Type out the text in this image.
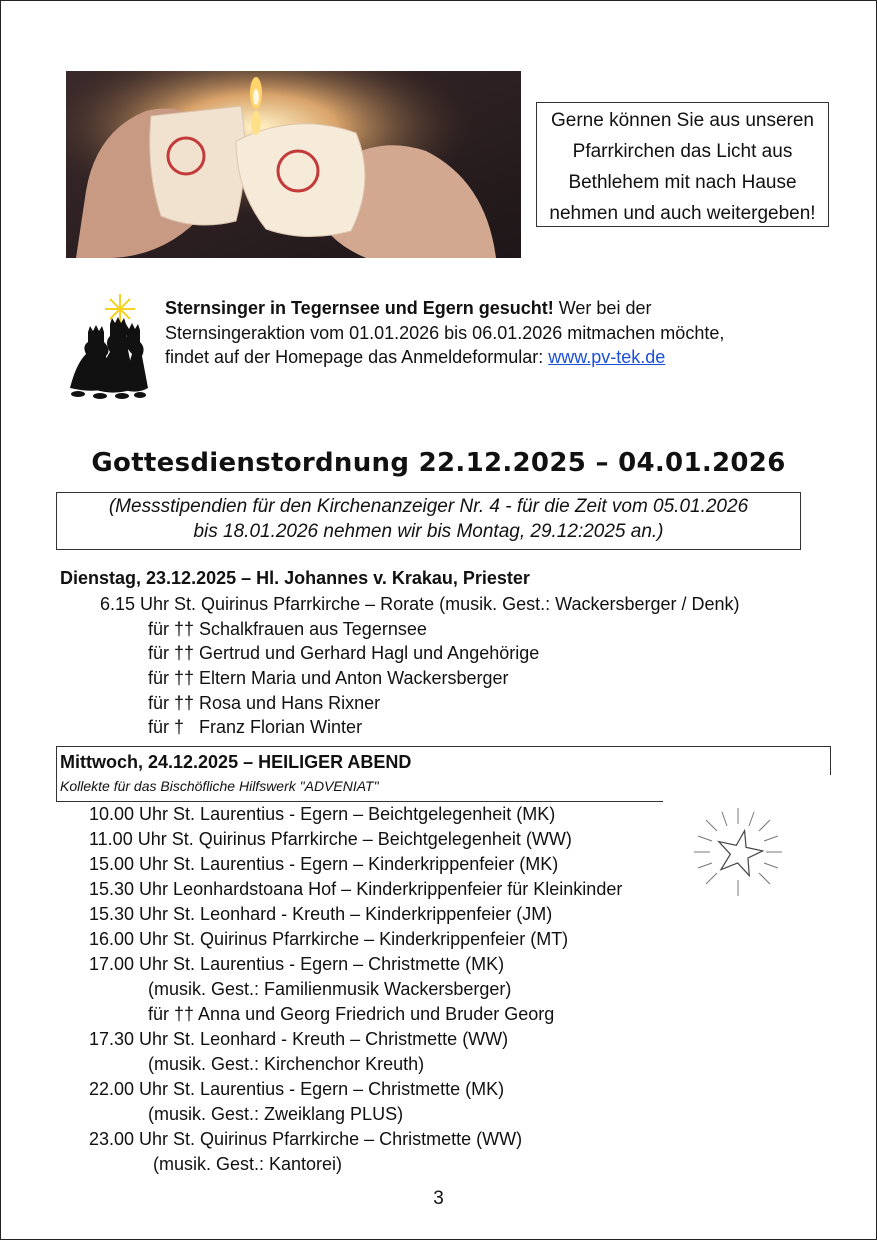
Gerne können Sie aus unseren
Pfarrkirchen das Licht aus
Bethlehem mit nach Hause
nehmen und auch weitergeben!
Sternsinger in Tegernsee und Egern gesucht! Wer bei der
Sternsingeraktion vom 01.01.2026 bis 06.01.2026 mitmachen möchte,
findet auf der Homepage das Anmeldeformular: www.pv-tek.de
Gottesdienstordnung 22.12.2025 – 04.01.2026
(Messstipendien für den Kirchenanzeiger Nr. 4 - für die Zeit vom 05.01.2026
bis 18.01.2026 nehmen wir bis Montag, 29.12:2025 an.)
Dienstag, 23.12.2025 – Hl. Johannes v. Krakau, Priester
6.15 Uhr St. Quirinus Pfarrkirche – Rorate (musik. Gest.: Wackersberger / Denk)
für †† Schalkfrauen aus Tegernsee
für †† Gertrud und Gerhard Hagl und Angehörige
für †† Eltern Maria und Anton Wackersberger
für †† Rosa und Hans Rixner
für †   Franz Florian Winter
Mittwoch, 24.12.2025 – HEILIGER ABEND
Kollekte für das Bischöfliche Hilfswerk "ADVENIAT"
10.00 Uhr St. Laurentius - Egern – Beichtgelegenheit (MK)
11.00 Uhr St. Quirinus Pfarrkirche – Beichtgelegenheit (WW)
15.00 Uhr St. Laurentius - Egern – Kinderkrippenfeier (MK)
15.30 Uhr Leonhardstoana Hof – Kinderkrippenfeier für Kleinkinder
15.30 Uhr St. Leonhard - Kreuth – Kinderkrippenfeier (JM)
16.00 Uhr St. Quirinus Pfarrkirche – Kinderkrippenfeier (MT)
17.00 Uhr St. Laurentius - Egern – Christmette (MK)
(musik. Gest.: Familienmusik Wackersberger)
für †† Anna und Georg Friedrich und Bruder Georg
17.30 Uhr St. Leonhard - Kreuth – Christmette (WW)
(musik. Gest.: Kirchenchor Kreuth)
22.00 Uhr St. Laurentius - Egern – Christmette (MK)
(musik. Gest.: Zweiklang PLUS)
23.00 Uhr St. Quirinus Pfarrkirche – Christmette (WW)
(musik. Gest.: Kantorei)
3
